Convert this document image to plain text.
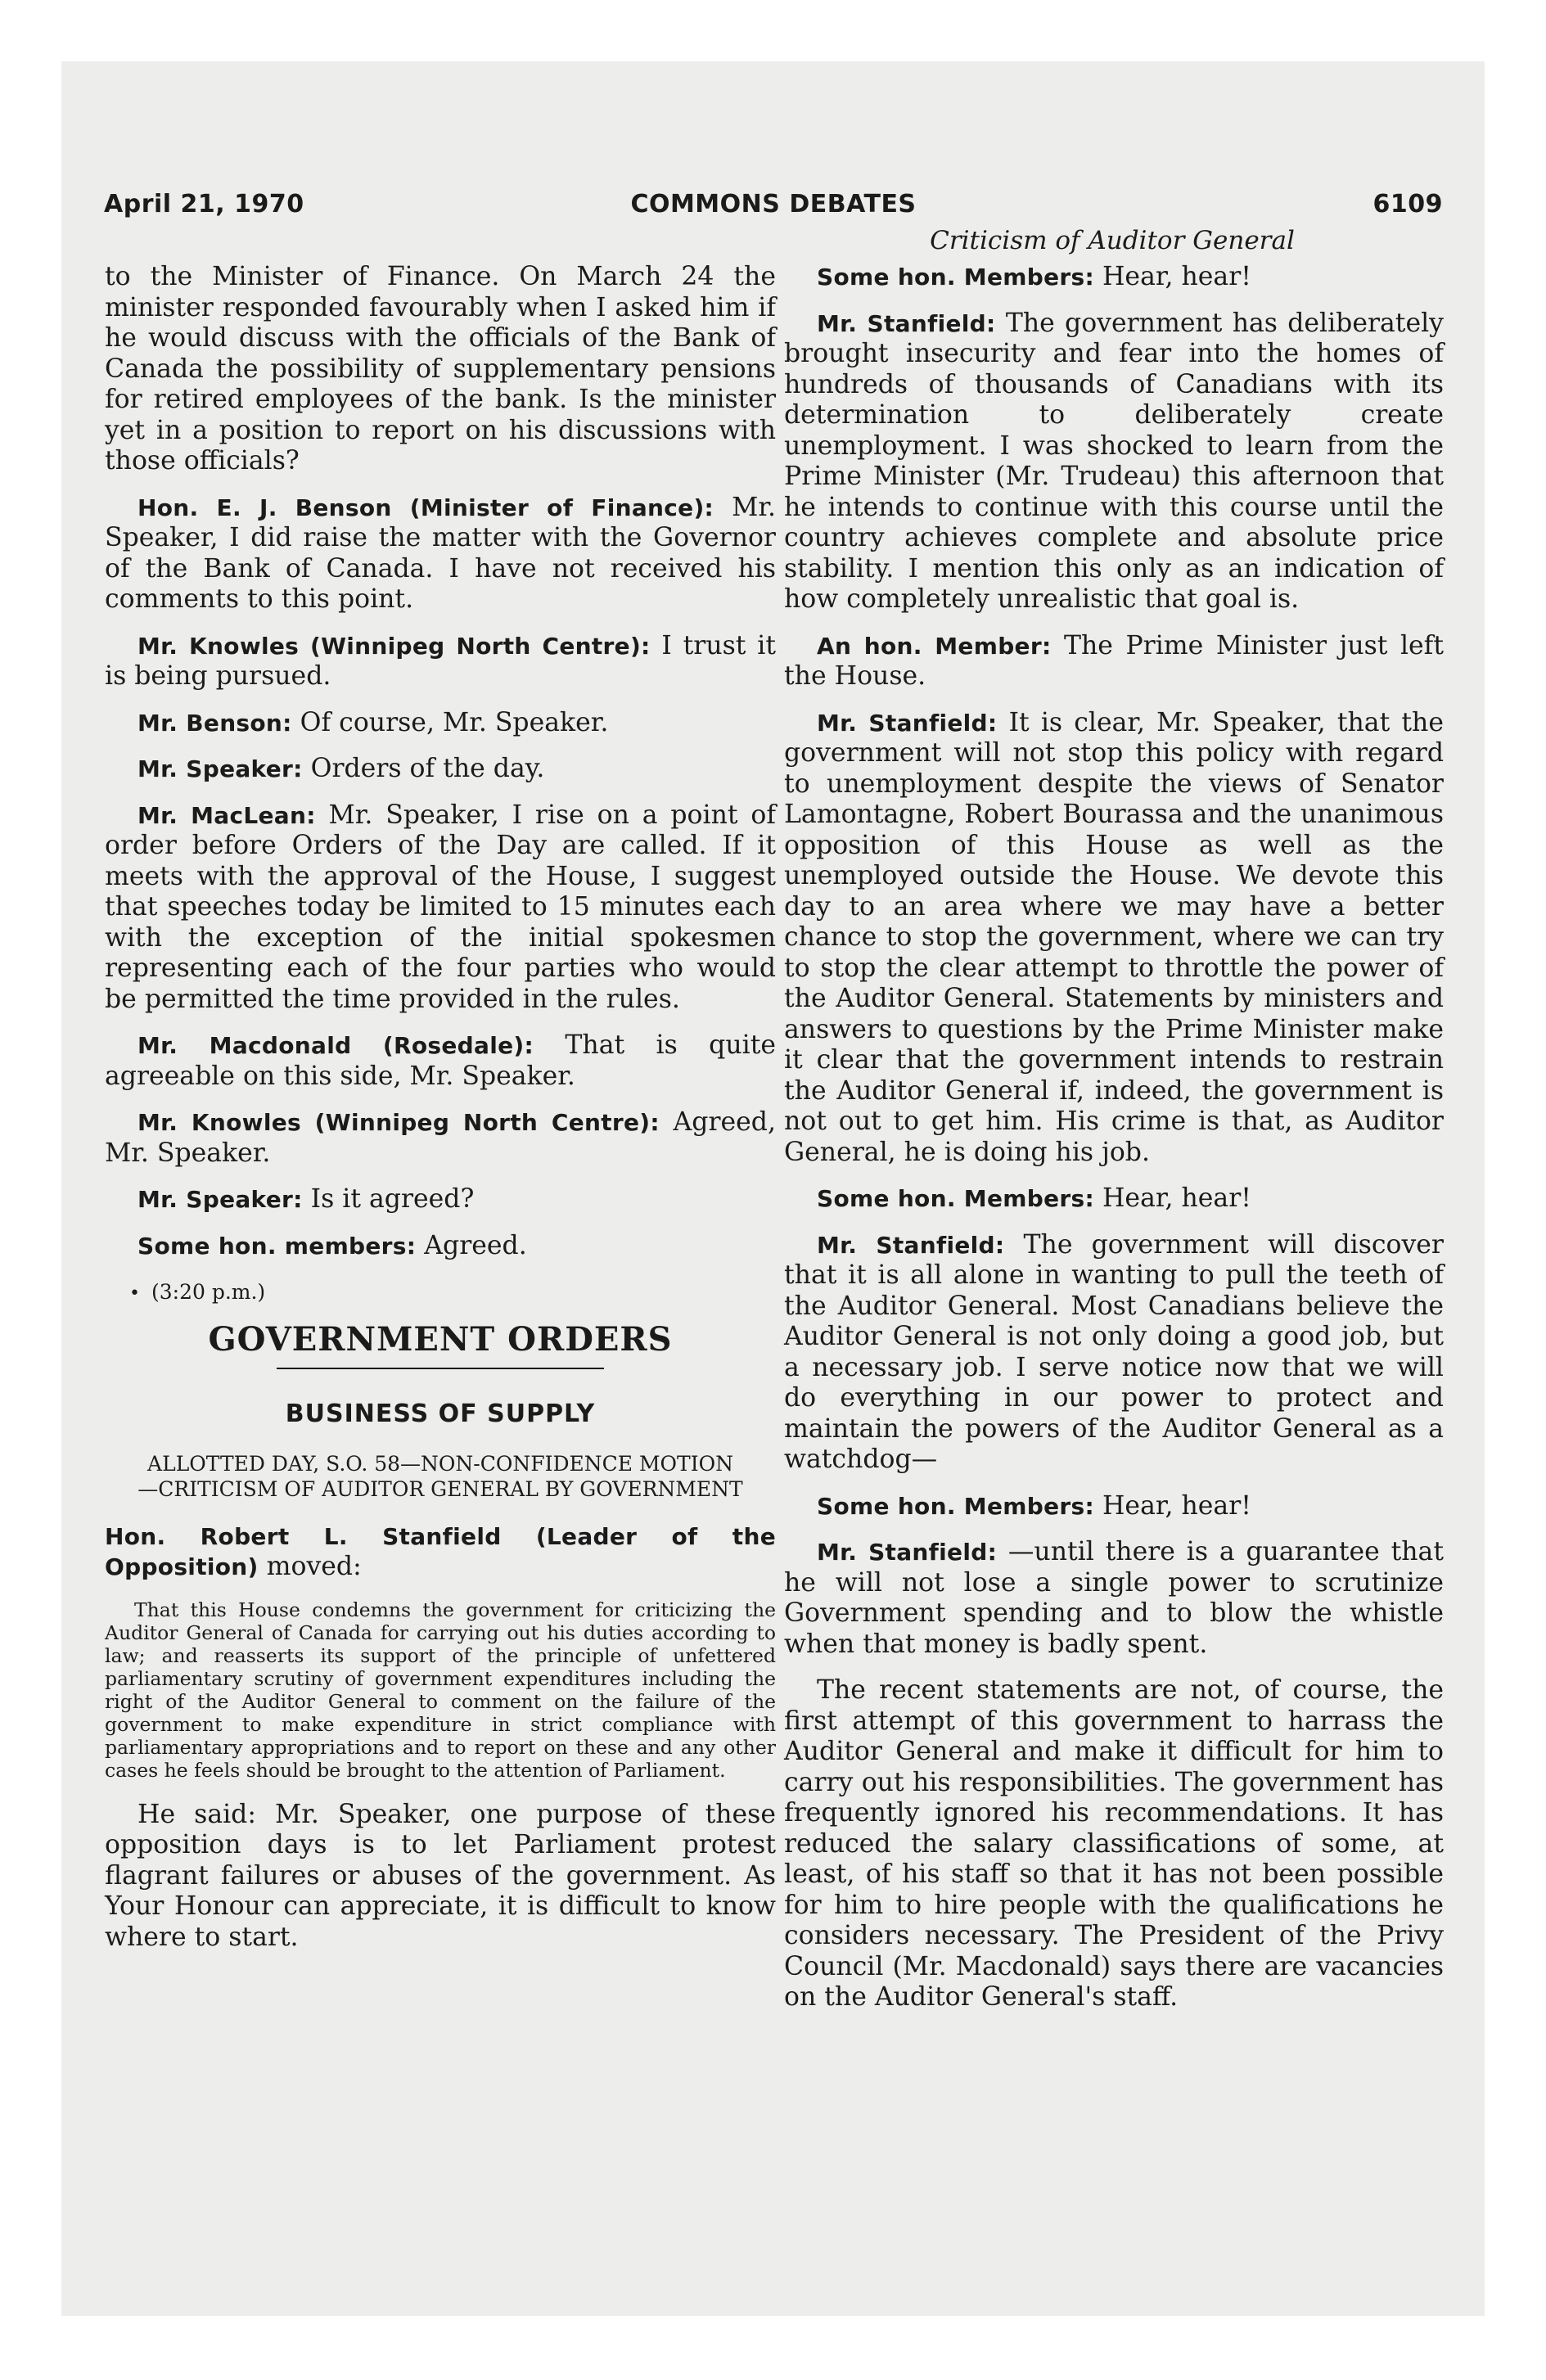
April 21, 1970	COMMONS DEBATES	6109
Criticism of Auditor General

to the Minister of Finance. On March 24 the minister responded favourably when I asked him if he would discuss with the officials of the Bank of Canada the possibility of supplementary pensions for retired employees of the bank. Is the minister yet in a position to report on his discussions with those officials?

Hon. E. J. Benson (Minister of Finance): Mr. Speaker, I did raise the matter with the Governor of the Bank of Canada. I have not received his comments to this point.

Mr. Knowles (Winnipeg North Centre): I trust it is being pursued.

Mr. Benson: Of course, Mr. Speaker.

Mr. Speaker: Orders of the day.

Mr. MacLean: Mr. Speaker, I rise on a point of order before Orders of the Day are called. If it meets with the approval of the House, I suggest that speeches today be limited to 15 minutes each with the exception of the initial spokesmen representing each of the four parties who would be permitted the time provided in the rules.

Mr. Macdonald (Rosedale): That is quite agreeable on this side, Mr. Speaker.

Mr. Knowles (Winnipeg North Centre): Agreed, Mr. Speaker.

Mr. Speaker: Is it agreed?

Some hon. members: Agreed.

• (3:20 p.m.)
GOVERNMENT ORDERS
BUSINESS OF SUPPLY
ALLOTTED DAY, S.O. 58—NON-CONFIDENCE MOTION—CRITICISM OF AUDITOR GENERAL BY GOVERNMENT

Hon. Robert L. Stanfield (Leader of the Opposition) moved:

That this House condemns the government for criticizing the Auditor General of Canada for carrying out his duties according to law; and reasserts its support of the principle of unfettered parliamentary scrutiny of government expenditures including the right of the Auditor General to comment on the failure of the government to make expenditure in strict compliance with parliamentary appropriations and to report on these and any other cases he feels should be brought to the attention of Parliament.

He said: Mr. Speaker, one purpose of these opposition days is to let Parliament protest flagrant failures or abuses of the government. As Your Honour can appreciate, it is difficult to know where to start.

Some hon. Members: Hear, hear!

Mr. Stanfield: The government has deliberately brought insecurity and fear into the homes of hundreds of thousands of Canadians with its determination to deliberately create unemployment. I was shocked to learn from the Prime Minister (Mr. Trudeau) this afternoon that he intends to continue with this course until the country achieves complete and absolute price stability. I mention this only as an indication of how completely unrealistic that goal is.

An hon. Member: The Prime Minister just left the House.

Mr. Stanfield: It is clear, Mr. Speaker, that the government will not stop this policy with regard to unemployment despite the views of Senator Lamontagne, Robert Bourassa and the unanimous opposition of this House as well as the unemployed outside the House. We devote this day to an area where we may have a better chance to stop the government, where we can try to stop the clear attempt to throttle the power of the Auditor General. Statements by ministers and answers to questions by the Prime Minister make it clear that the government intends to restrain the Auditor General if, indeed, the government is not out to get him. His crime is that, as Auditor General, he is doing his job.

Some hon. Members: Hear, hear!

Mr. Stanfield: The government will discover that it is all alone in wanting to pull the teeth of the Auditor General. Most Canadians believe the Auditor General is not only doing a good job, but a necessary job. I serve notice now that we will do everything in our power to protect and maintain the powers of the Auditor General as a watchdog—

Some hon. Members: Hear, hear!

Mr. Stanfield: —until there is a guarantee that he will not lose a single power to scrutinize Government spending and to blow the whistle when that money is badly spent.

The recent statements are not, of course, the first attempt of this government to harrass the Auditor General and make it difficult for him to carry out his responsibilities. The government has frequently ignored his recommendations. It has reduced the salary classifications of some, at least, of his staff so that it has not been possible for him to hire people with the qualifications he considers necessary. The President of the Privy Council (Mr. Macdonald) says there are vacancies on the Auditor General's staff.
